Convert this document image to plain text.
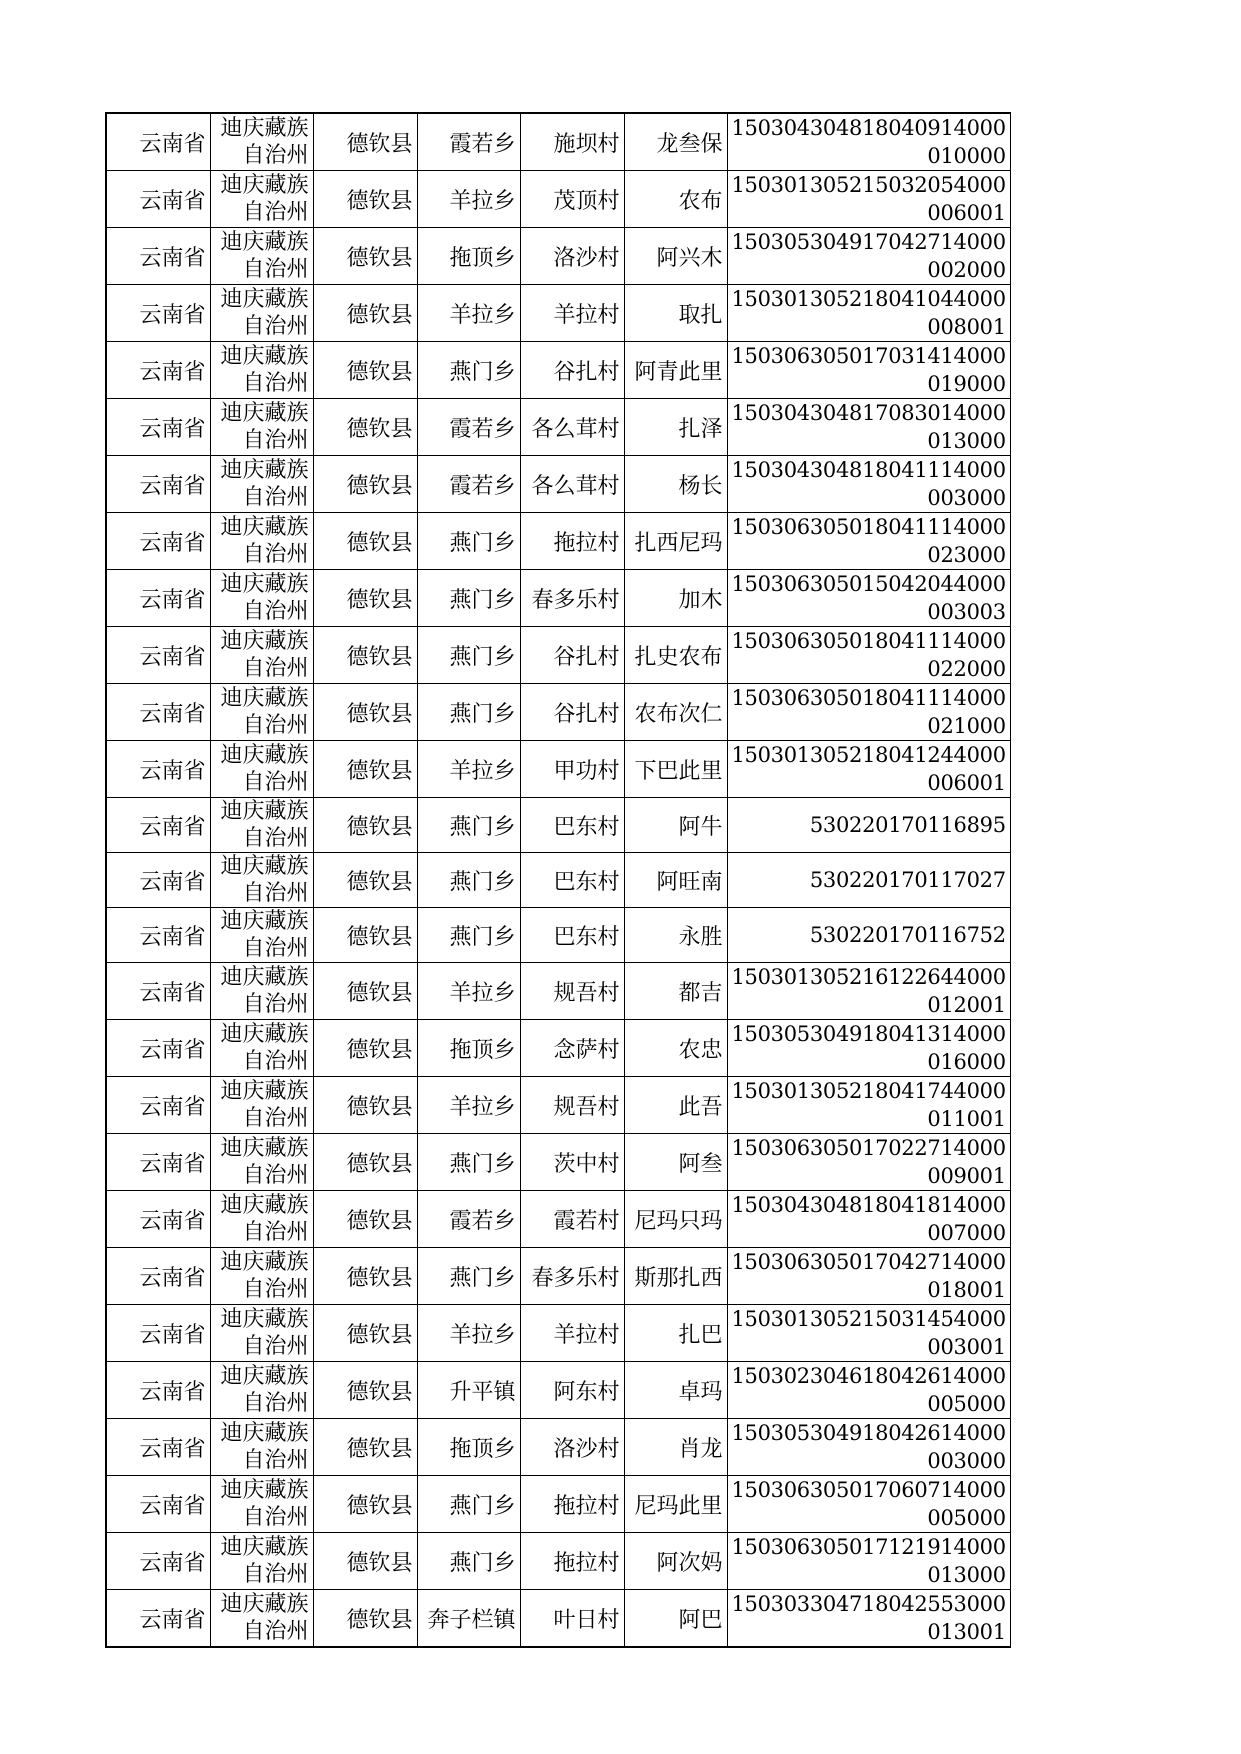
云南省	迪庆藏族
自治州	德钦县	霞若乡	施坝村	龙叁保	150304304818040914000
010000

云南省	迪庆藏族
自治州	德钦县	羊拉乡	茂顶村	农布	150301305215032054000
006001

云南省	迪庆藏族
自治州	德钦县	拖顶乡	洛沙村	阿兴木	150305304917042714000
002000

云南省	迪庆藏族
自治州	德钦县	羊拉乡	羊拉村	取扎	150301305218041044000
008001

云南省	迪庆藏族
自治州	德钦县	燕门乡	谷扎村	阿青此里	150306305017031414000
019000

云南省	迪庆藏族
自治州	德钦县	霞若乡	各么茸村	扎泽	150304304817083014000
013000

云南省	迪庆藏族
自治州	德钦县	霞若乡	各么茸村	杨长	150304304818041114000
003000

云南省	迪庆藏族
自治州	德钦县	燕门乡	拖拉村	扎西尼玛	150306305018041114000
023000

云南省	迪庆藏族
自治州	德钦县	燕门乡	春多乐村	加木	150306305015042044000
003003

云南省	迪庆藏族
自治州	德钦县	燕门乡	谷扎村	扎史农布	150306305018041114000
022000

云南省	迪庆藏族
自治州	德钦县	燕门乡	谷扎村	农布次仁	150306305018041114000
021000

云南省	迪庆藏族
自治州	德钦县	羊拉乡	甲功村	下巴此里	150301305218041244000
006001

云南省	迪庆藏族
自治州	德钦县	燕门乡	巴东村	阿牛	530220170116895
云南省	迪庆藏族
自治州	德钦县	燕门乡	巴东村	阿旺南	530220170117027
云南省	迪庆藏族
自治州	德钦县	燕门乡	巴东村	永胜	530220170116752
云南省	迪庆藏族
自治州	德钦县	羊拉乡	规吾村	都吉	150301305216122644000
012001

云南省	迪庆藏族
自治州	德钦县	拖顶乡	念萨村	农忠	150305304918041314000
016000

云南省	迪庆藏族
自治州	德钦县	羊拉乡	规吾村	此吾	150301305218041744000
011001

云南省	迪庆藏族
自治州	德钦县	燕门乡	茨中村	阿叁	150306305017022714000
009001

云南省	迪庆藏族
自治州	德钦县	霞若乡	霞若村	尼玛只玛	150304304818041814000
007000

云南省	迪庆藏族
自治州	德钦县	燕门乡	春多乐村	斯那扎西	150306305017042714000
018001

云南省	迪庆藏族
自治州	德钦县	羊拉乡	羊拉村	扎巴	150301305215031454000
003001

云南省	迪庆藏族
自治州	德钦县	升平镇	阿东村	卓玛	150302304618042614000
005000

云南省	迪庆藏族
自治州	德钦县	拖顶乡	洛沙村	肖龙	150305304918042614000
003000

云南省	迪庆藏族
自治州	德钦县	燕门乡	拖拉村	尼玛此里	150306305017060714000
005000

云南省	迪庆藏族
自治州	德钦县	燕门乡	拖拉村	阿次妈	150306305017121914000
013000

云南省	迪庆藏族
自治州	德钦县	奔子栏镇	叶日村	阿巴	150303304718042553000
013001
